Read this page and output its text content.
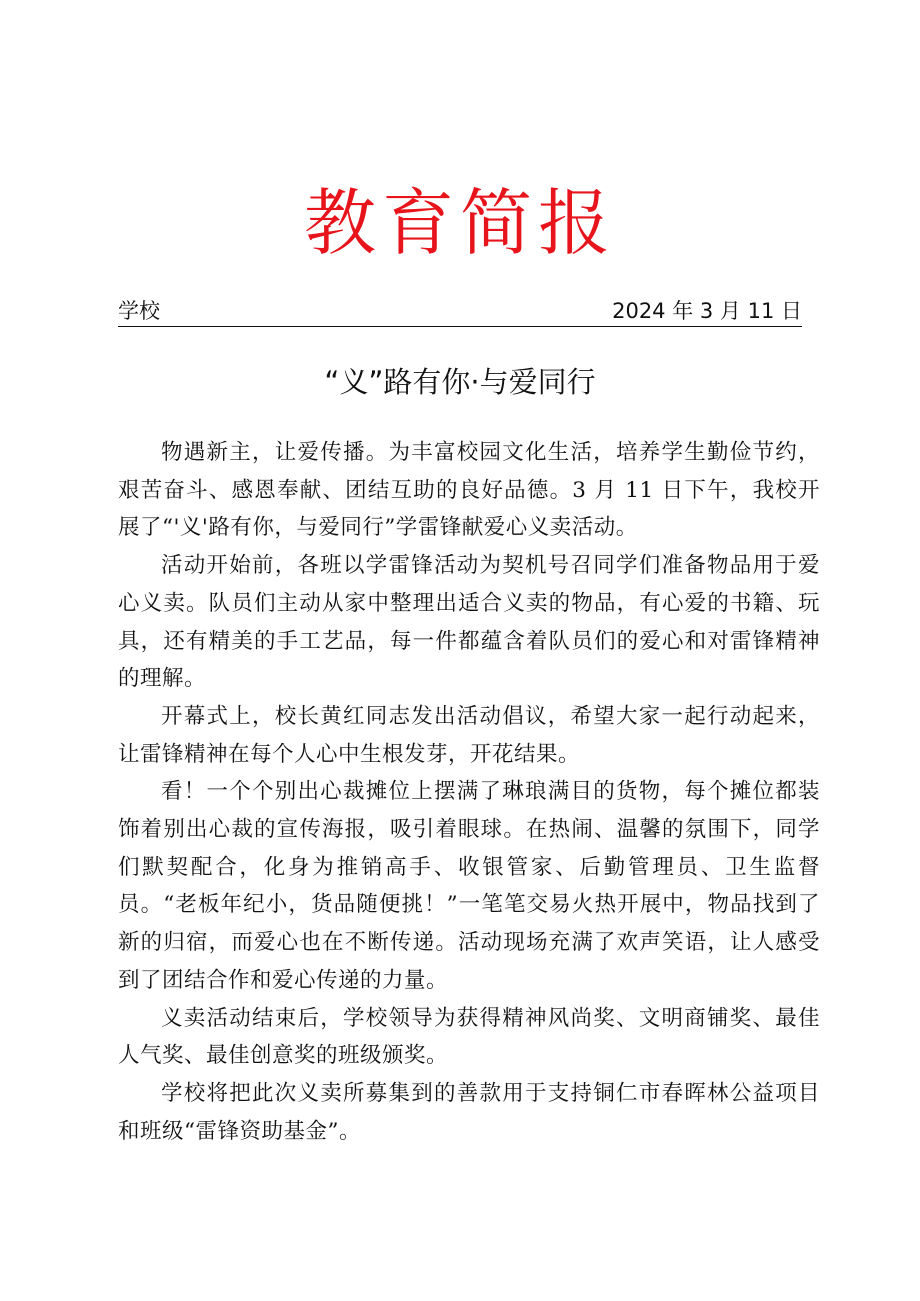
教育简报
学校	2024 年 3 月 11 日
“义”路有你·与爱同行

物遇新主，让爱传播。为丰富校园文化生活，培养学生勤俭节约，艰苦奋斗、感恩奉献、团结互助的良好品德。3 月 11 日下午，我校开展了“'义'路有你，与爱同行”学雷锋献爱心义卖活动。

活动开始前，各班以学雷锋活动为契机号召同学们准备物品用于爱心义卖。队员们主动从家中整理出适合义卖的物品，有心爱的书籍、玩具，还有精美的手工艺品，每一件都蕴含着队员们的爱心和对雷锋精神的理解。

开幕式上，校长黄红同志发出活动倡议，希望大家一起行动起来，让雷锋精神在每个人心中生根发芽，开花结果。

看！一个个别出心裁摊位上摆满了琳琅满目的货物，每个摊位都装饰着别出心裁的宣传海报，吸引着眼球。在热闹、温馨的氛围下，同学们默契配合，化身为推销高手、收银管家、后勤管理员、卫生监督员。“老板年纪小，货品随便挑！”一笔笔交易火热开展中，物品找到了新的归宿，而爱心也在不断传递。活动现场充满了欢声笑语，让人感受到了团结合作和爱心传递的力量。

义卖活动结束后，学校领导为获得精神风尚奖、文明商铺奖、最佳人气奖、最佳创意奖的班级颁奖。

学校将把此次义卖所募集到的善款用于支持铜仁市春晖林公益项目和班级“雷锋资助基金”。
